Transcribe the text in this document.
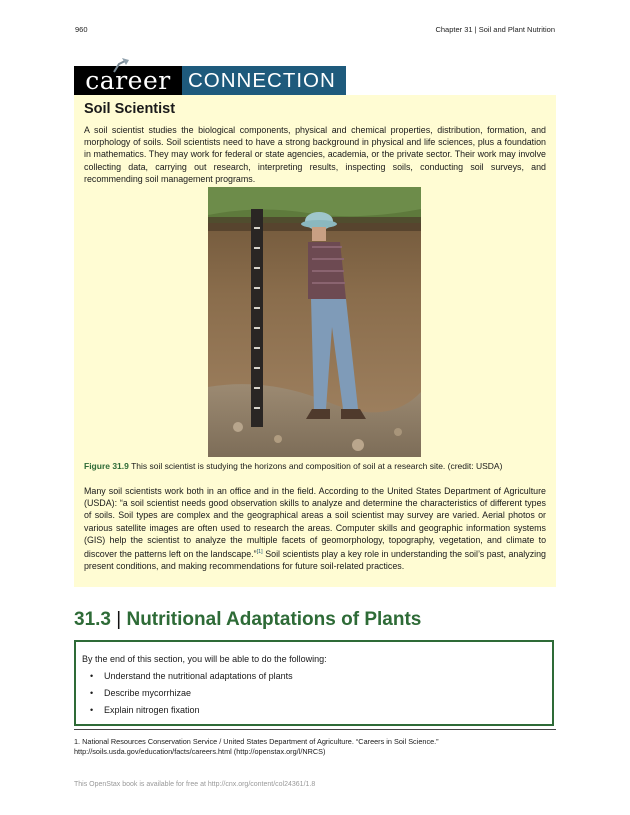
960	Chapter 31 | Soil and Plant Nutrition
career CONNECTION
Soil Scientist
A soil scientist studies the biological components, physical and chemical properties, distribution, formation, and morphology of soils. Soil scientists need to have a strong background in physical and life sciences, plus a foundation in mathematics. They may work for federal or state agencies, academia, or the private sector. Their work may involve collecting data, carrying out research, interpreting results, inspecting soils, conducting soil surveys, and recommending soil management programs.
Figure 31.9 This soil scientist is studying the horizons and composition of soil at a research site. (credit: USDA)
Many soil scientists work both in an office and in the field. According to the United States Department of Agriculture (USDA): “a soil scientist needs good observation skills to analyze and determine the characteristics of different types of soils. Soil types are complex and the geographical areas a soil scientist may survey are varied. Aerial photos or various satellite images are often used to research the areas. Computer skills and geographic information systems (GIS) help the scientist to analyze the multiple facets of geomorphology, topography, vegetation, and climate to discover the patterns left on the landscape.”[1] Soil scientists play a key role in understanding the soil’s past, analyzing present conditions, and making recommendations for future soil-related practices.
31.3 | Nutritional Adaptations of Plants
By the end of this section, you will be able to do the following:
• Understand the nutritional adaptations of plants
• Describe mycorrhizae
• Explain nitrogen fixation
1. National Resources Conservation Service / United States Department of Agriculture. “Careers in Soil Science.” http://soils.usda.gov/education/facts/careers.html (http://openstax.org/l/NRCS)
This OpenStax book is available for free at http://cnx.org/content/col24361/1.8
